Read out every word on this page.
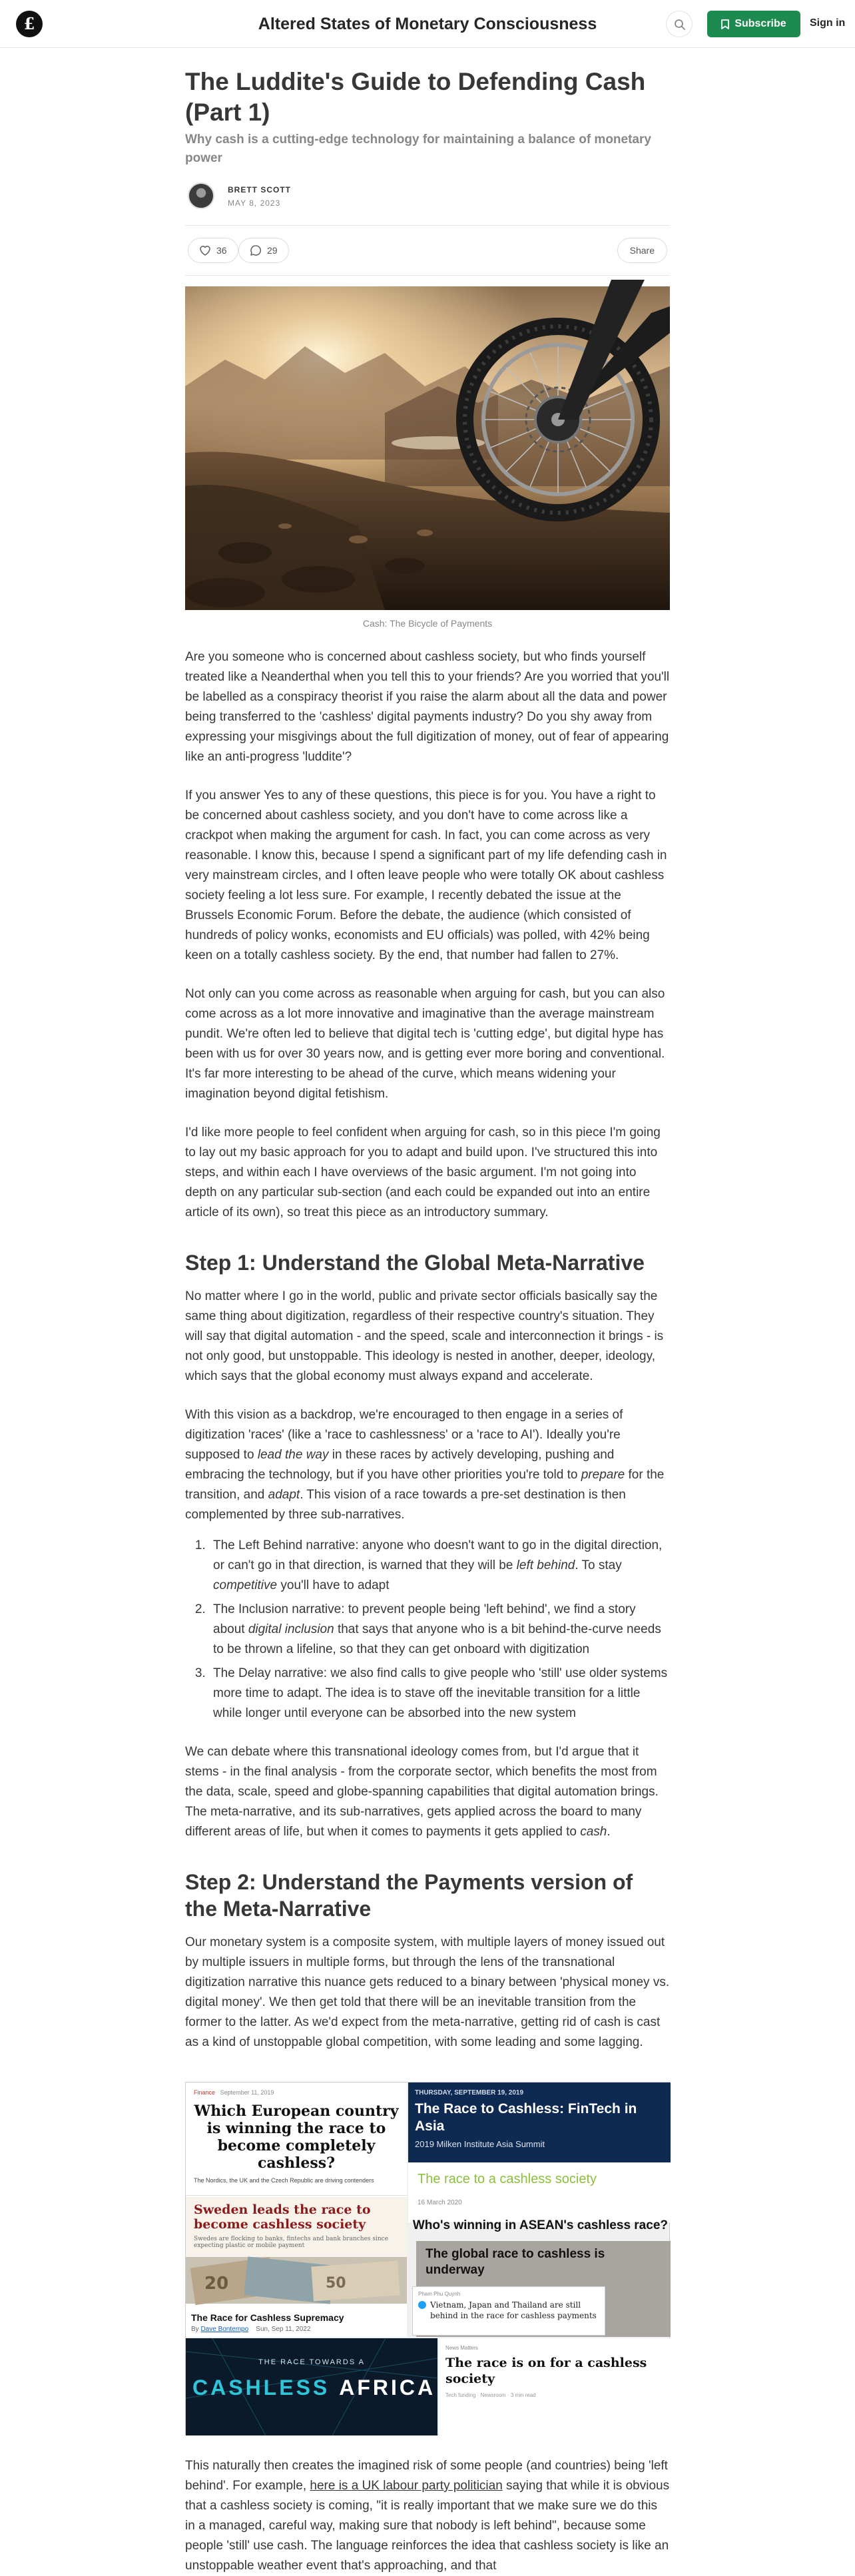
£	Altered States of Monetary Consciousness	Subscribe Sign in
The Luddite's Guide to Defending Cash (Part 1)
Why cash is a cutting-edge technology for maintaining a balance of monetary power
BRETT SCOTT
MAY 8, 2023
36	29	Share
Cash: The Bicycle of Payments

Are you someone who is concerned about cashless society, but who finds yourself treated like a Neanderthal when you tell this to your friends? Are you worried that you'll be labelled as a conspiracy theorist if you raise the alarm about all the data and power being transferred to the 'cashless' digital payments industry? Do you shy away from expressing your misgivings about the full digitization of money, out of fear of appearing like an anti-progress 'luddite'?

If you answer Yes to any of these questions, this piece is for you. You have a right to be concerned about cashless society, and you don't have to come across like a crackpot when making the argument for cash. In fact, you can come across as very reasonable. I know this, because I spend a significant part of my life defending cash in very mainstream circles, and I often leave people who were totally OK about cashless society feeling a lot less sure. For example, I recently debated the issue at the Brussels Economic Forum. Before the debate, the audience (which consisted of hundreds of policy wonks, economists and EU officials) was polled, with 42% being keen on a totally cashless society. By the end, that number had fallen to 27%.

Not only can you come across as reasonable when arguing for cash, but you can also come across as a lot more innovative and imaginative than the average mainstream pundit. We're often led to believe that digital tech is 'cutting edge', but digital hype has been with us for over 30 years now, and is getting ever more boring and conventional. It's far more interesting to be ahead of the curve, which means widening your imagination beyond digital fetishism.

I'd like more people to feel confident when arguing for cash, so in this piece I'm going to lay out my basic approach for you to adapt and build upon. I've structured this into steps, and within each I have overviews of the basic argument. I'm not going into depth on any particular sub-section (and each could be expanded out into an entire article of its own), so treat this piece as an introductory summary.

Step 1: Understand the Global Meta-Narrative

No matter where I go in the world, public and private sector officials basically say the same thing about digitization, regardless of their respective country's situation. They will say that digital automation - and the speed, scale and interconnection it brings - is not only good, but unstoppable. This ideology is nested in another, deeper, ideology, which says that the global economy must always expand and accelerate.

With this vision as a backdrop, we're encouraged to then engage in a series of digitization 'races' (like a 'race to cashlessness' or a 'race to AI'). Ideally you're supposed to lead the way in these races by actively developing, pushing and embracing the technology, but if you have other priorities you're told to prepare for the transition, and adapt. This vision of a race towards a pre-set destination is then complemented by three sub-narratives.

1. The Left Behind narrative: anyone who doesn't want to go in the digital direction, or can't go in that direction, is warned that they will be left behind. To stay competitive you'll have to adapt
2. The Inclusion narrative: to prevent people being 'left behind', we find a story about digital inclusion that says that anyone who is a bit behind-the-curve needs to be thrown a lifeline, so that they can get onboard with digitization
3. The Delay narrative: we also find calls to give people who 'still' use older systems more time to adapt. The idea is to stave off the inevitable transition for a little while longer until everyone can be absorbed into the new system

We can debate where this transnational ideology comes from, but I'd argue that it stems - in the final analysis - from the corporate sector, which benefits the most from the data, scale, speed and globe-spanning capabilities that digital automation brings. The meta-narrative, and its sub-narratives, gets applied across the board to many different areas of life, but when it comes to payments it gets applied to cash.

Step 2: Understand the Payments version of the Meta-Narrative

Our monetary system is a composite system, with multiple layers of money issued out by multiple issuers in multiple forms, but through the lens of the transnational digitization narrative this nuance gets reduced to a binary between 'physical money vs. digital money'. We then get told that there will be an inevitable transition from the former to the latter. As we'd expect from the meta-narrative, getting rid of cash is cast as a kind of unstoppable global competition, with some leading and some lagging.

Finance September 11, 2019
Which European country is winning the race to become completely cashless?
The Nordics, the UK and the Czech Republic are driving contenders
Sweden leads the race to become cashless society
Swedes are flocking to banks, fintechs and bank branches since expecting plastic or mobile payment
20	50
The Race for Cashless Supremacy
By Dave Bontempo Sun, Sep 11, 2022
THURSDAY, SEPTEMBER 19, 2019
The Race to Cashless: FinTech in Asia
2019 Milken Institute Asia Summit
The race to a cashless society
16 March 2020
Who's winning in ASEAN's cashless race?
The global race to cashless is underway
Pham Phu Quynh
Vietnam, Japan and Thailand are still behind in the race for cashless payments
THE RACE TOWARDS A
CASHLESS AFRICA
News Matters
The race is on for a cashless society
Tech funding · Newsroom · 3 min read

This naturally then creates the imagined risk of some people (and countries) being 'left behind'. For example, here is a UK labour party politician saying that while it is obvious that a cashless society is coming, "it is really important that we make sure we do this in a managed, careful way, making sure that nobody is left behind", because some people 'still' use cash. The language reinforces the idea that cashless society is like an unstoppable weather event that's approaching, and that
